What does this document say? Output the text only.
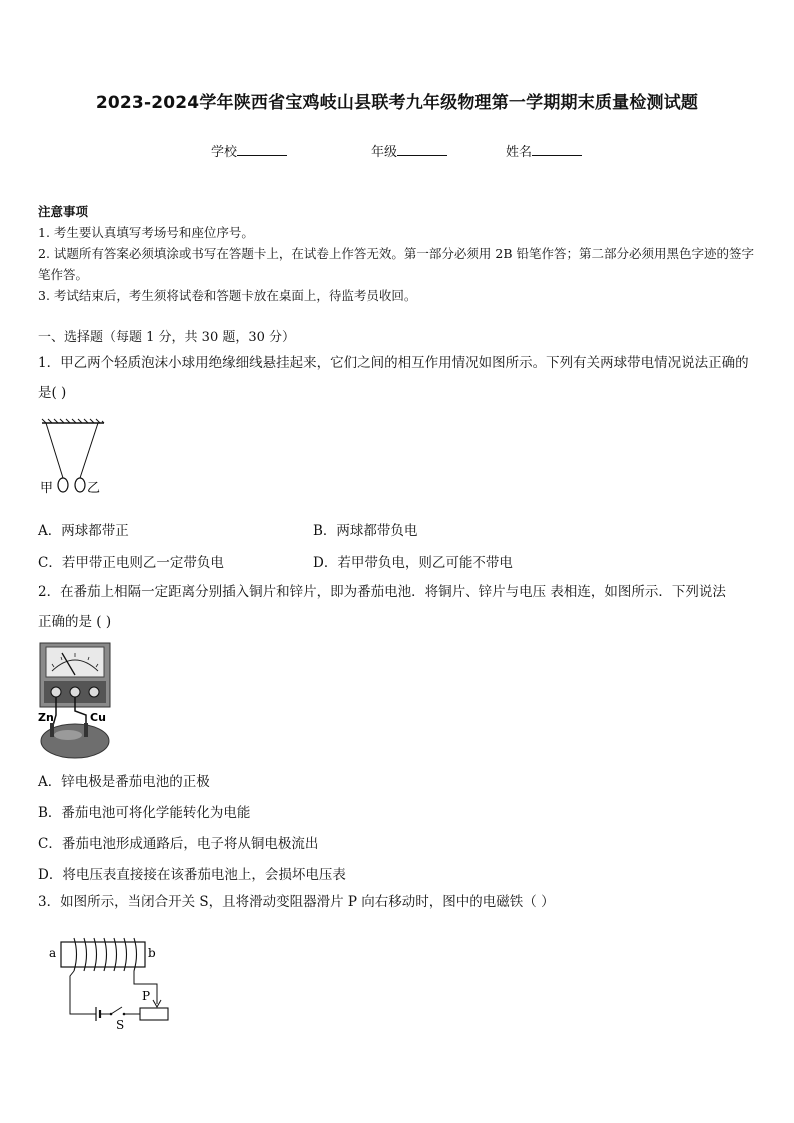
2023-2024学年陕西省宝鸡岐山县联考九年级物理第一学期期末质量检测试题
学校	年级	姓名
注意事项
1. 考生要认真填写考场号和座位序号。
2. 试题所有答案必须填涂或书写在答题卡上，在试卷上作答无效。第一部分必须用 2B 铅笔作答；第二部分必须用黑色字迹的签字笔作答。
3. 考试结束后，考生须将试卷和答题卡放在桌面上，待监考员收回。
一、选择题（每题 1 分，共 30 题，30 分）
1．甲乙两个轻质泡沫小球用绝缘细线悬挂起来，它们之间的相互作用情况如图所示。下列有关两球带电情况说法正确的是( )
甲	乙
A．两球都带正	B．两球都带负电
C．若甲带正电则乙一定带负电	D．若甲带负电，则乙可能不带电
2．在番茄上相隔一定距离分别插入铜片和锌片，即为番茄电池．将铜片、锌片与电压 表相连，如图所示．下列说法正确的是 ( )
Zn	Cu
A．锌电极是番茄电池的正极
B．番茄电池可将化学能转化为电能
C．番茄电池形成通路后，电子将从铜电极流出
D．将电压表直接接在该番茄电池上，会损坏电压表
3．如图所示，当闭合开关 S，且将滑动变阻器滑片 P 向右移动时，图中的电磁铁（ ）
a	b
S
P
